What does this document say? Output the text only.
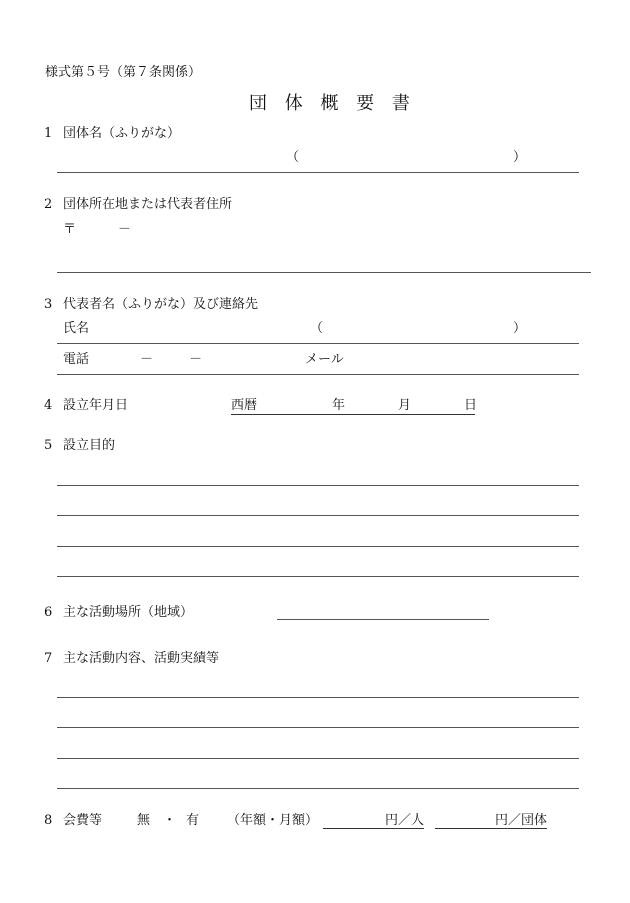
様式第５号（第７条関係）
団 体 概 要 書
1 団体名（ふりがな）
（	）
2 団体所在地または代表者住所
〒	－
3 代表者名（ふりがな）及び連絡先
氏名	（	）
電話	－	－	メール
4 設立年月日	西暦	年	月	日
5 設立目的
6 主な活動場所（地域）
7 主な活動内容、活動実績等
8 会費等	無 ・ 有 （年額・月額）	円／人	円／団体
